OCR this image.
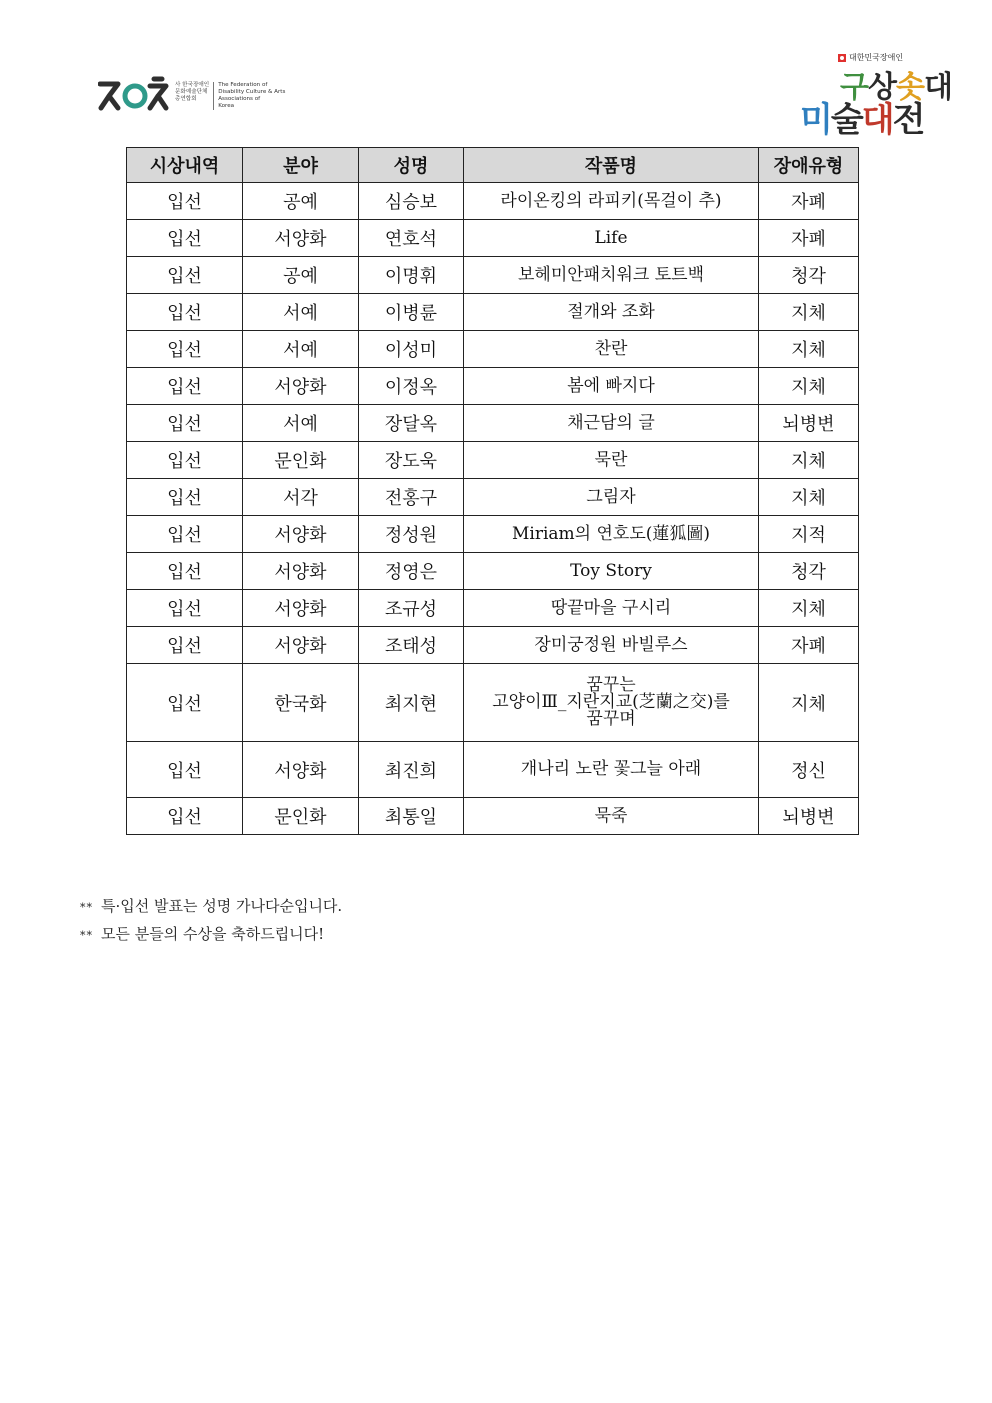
사 한국장애인
문화예술단체
총연합회
The Federation of
Disability Culture & Arts
Associations of
Korea
대한민국장애인
구상솟대
미술대전
시상내역	분야	성명	작품명	장애유형
입선	공예	심승보	라이온킹의 라피키(목걸이 추)	자폐
입선	서양화	연호석	Life	자폐
입선	공예	이명휘	보헤미안패치워크 토트백	청각
입선	서예	이병륜	절개와 조화	지체
입선	서예	이성미	찬란	지체
입선	서양화	이정옥	봄에 빠지다	지체
입선	서예	장달옥	채근담의 글	뇌병변
입선	문인화	장도욱	묵란	지체
입선	서각	전홍구	그림자	지체
입선	서양화	정성원	Miriam의 연호도(蓮狐圖)	지적
입선	서양화	정영은	Toy Story	청각
입선	서양화	조규성	땅끝마을 구시리	지체
입선	서양화	조태성	장미궁정원 바빌루스	자폐
입선	한국화	최지현	꿈꾸는
고양이Ⅲ_지란지교(芝蘭之交)를
꿈꾸며	지체
입선	서양화	최진희	개나리 노란 꽃그늘 아래	정신
입선	문인화	최통일	묵죽	뇌병변
** 특·입선 발표는 성명 가나다순입니다.
** 모든 분들의 수상을 축하드립니다!
